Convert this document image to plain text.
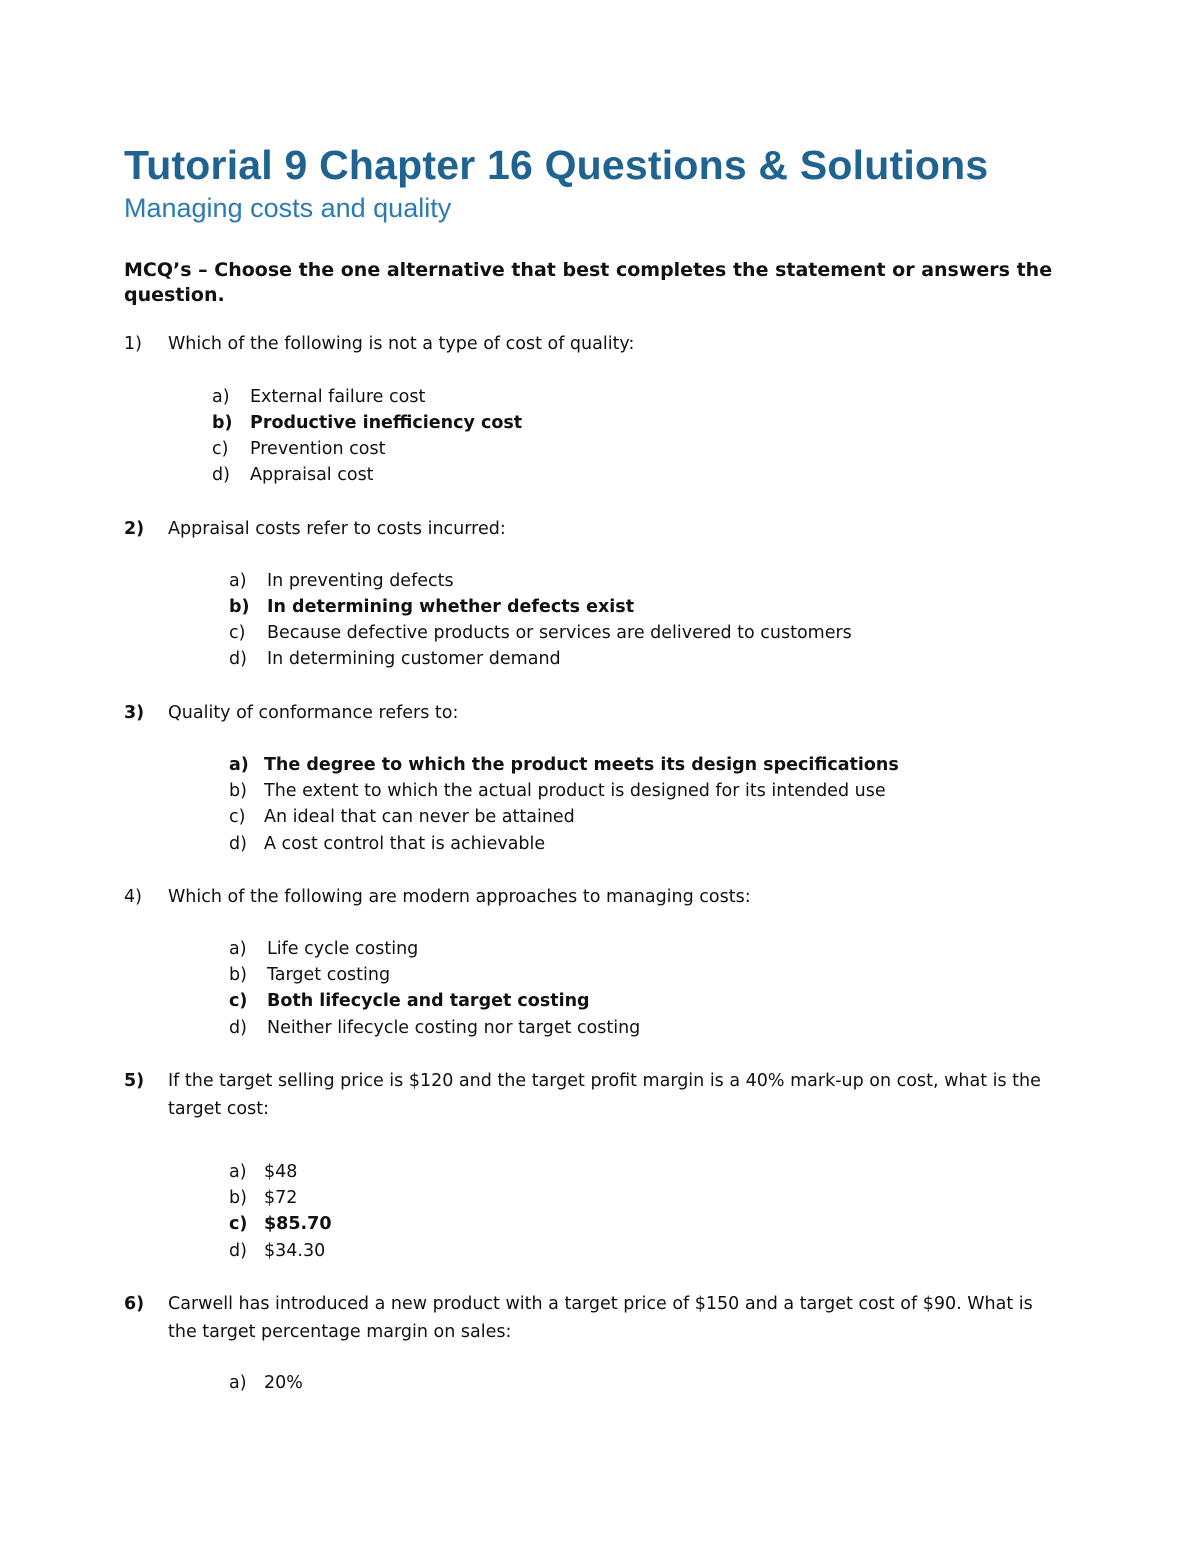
Tutorial 9 Chapter 16 Questions & Solutions
Managing costs and quality
MCQ’s – Choose the one alternative that best completes the statement or answers the question.
1) Which of the following is not a type of cost of quality:
a) External failure cost
b) Productive inefficiency cost
c) Prevention cost
d) Appraisal cost
2) Appraisal costs refer to costs incurred:
a) In preventing defects
b) In determining whether defects exist
c) Because defective products or services are delivered to customers
d) In determining customer demand
3) Quality of conformance refers to:
a) The degree to which the product meets its design specifications
b) The extent to which the actual product is designed for its intended use
c) An ideal that can never be attained
d) A cost control that is achievable
4) Which of the following are modern approaches to managing costs:
a) Life cycle costing
b) Target costing
c) Both lifecycle and target costing
d) Neither lifecycle costing nor target costing
5) If the target selling price is $120 and the target profit margin is a 40% mark-up on cost, what is the target cost:
a) $48
b) $72
c) $85.70
d) $34.30
6) Carwell has introduced a new product with a target price of $150 and a target cost of $90. What is the target percentage margin on sales:
a) 20%
